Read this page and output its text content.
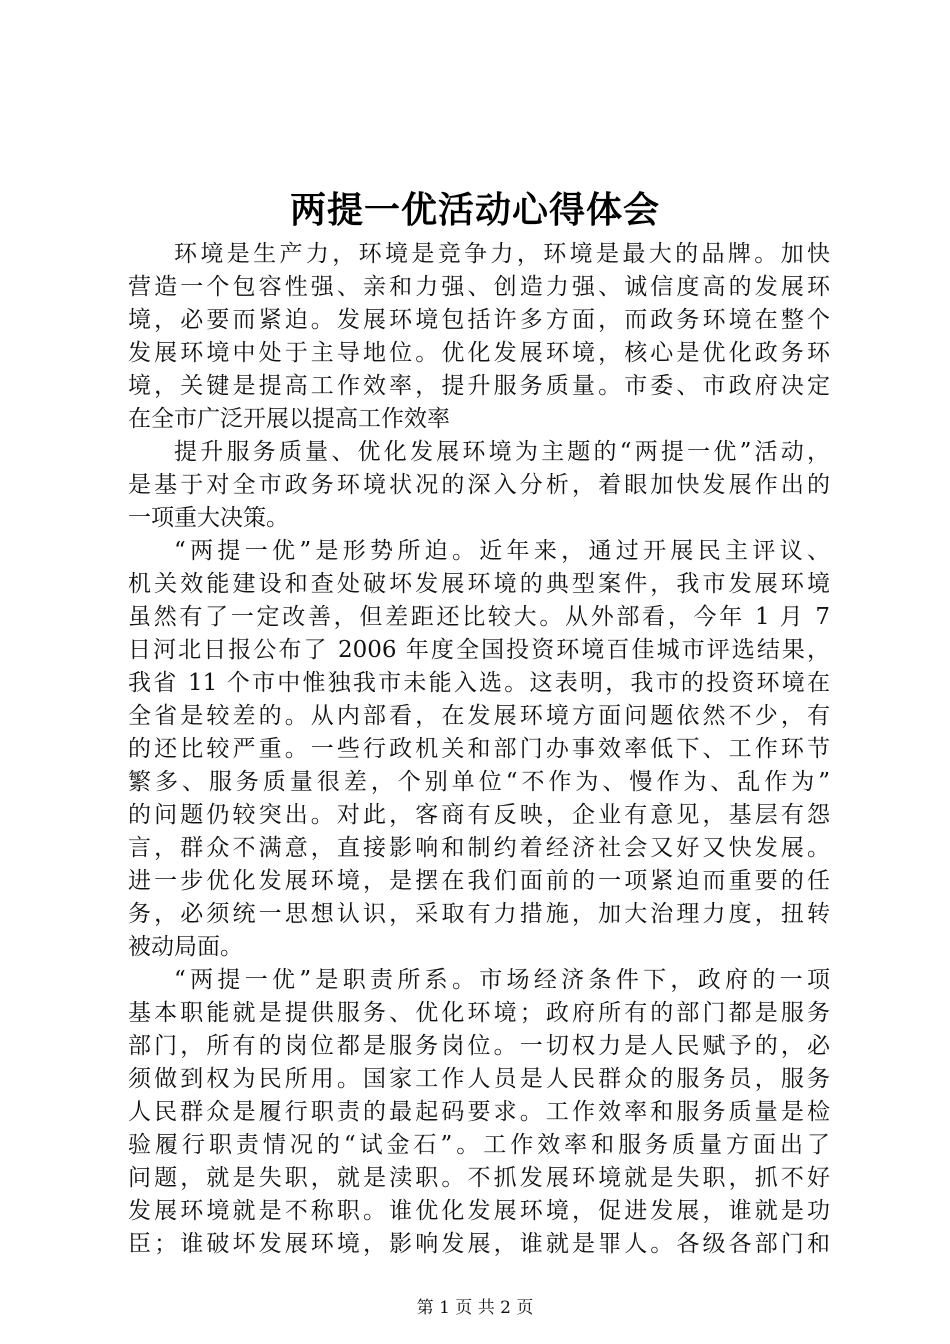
两提一优活动心得体会
环境是生产力，环境是竞争力，环境是最大的品牌。加快
营造一个包容性强、亲和力强、创造力强、诚信度高的发展环
境，必要而紧迫。发展环境包括许多方面，而政务环境在整个
发展环境中处于主导地位。优化发展环境，核心是优化政务环
境，关键是提高工作效率，提升服务质量。市委、市政府决定
在全市广泛开展以提高工作效率
提升服务质量、优化发展环境为主题的“两提一优”活动，
是基于对全市政务环境状况的深入分析，着眼加快发展作出的
一项重大决策。
“两提一优”是形势所迫。近年来，通过开展民主评议、
机关效能建设和查处破坏发展环境的典型案件，我市发展环境
虽然有了一定改善，但差距还比较大。从外部看，今年 1 月 7
日河北日报公布了 2006 年度全国投资环境百佳城市评选结果，
我省 11 个市中惟独我市未能入选。这表明，我市的投资环境在
全省是较差的。从内部看，在发展环境方面问题依然不少，有
的还比较严重。一些行政机关和部门办事效率低下、工作环节
繁多、服务质量很差，个别单位“不作为、慢作为、乱作为”
的问题仍较突出。对此，客商有反映，企业有意见，基层有怨
言，群众不满意，直接影响和制约着经济社会又好又快发展。
进一步优化发展环境，是摆在我们面前的一项紧迫而重要的任
务，必须统一思想认识，采取有力措施，加大治理力度，扭转
被动局面。
“两提一优”是职责所系。市场经济条件下，政府的一项
基本职能就是提供服务、优化环境；政府所有的部门都是服务
部门，所有的岗位都是服务岗位。一切权力是人民赋予的，必
须做到权为民所用。国家工作人员是人民群众的服务员，服务
人民群众是履行职责的最起码要求。工作效率和服务质量是检
验履行职责情况的“试金石”。工作效率和服务质量方面出了
问题，就是失职，就是渎职。不抓发展环境就是失职，抓不好
发展环境就是不称职。谁优化发展环境，促进发展，谁就是功
臣；谁破坏发展环境，影响发展，谁就是罪人。各级各部门和
第 1 页 共 2 页
